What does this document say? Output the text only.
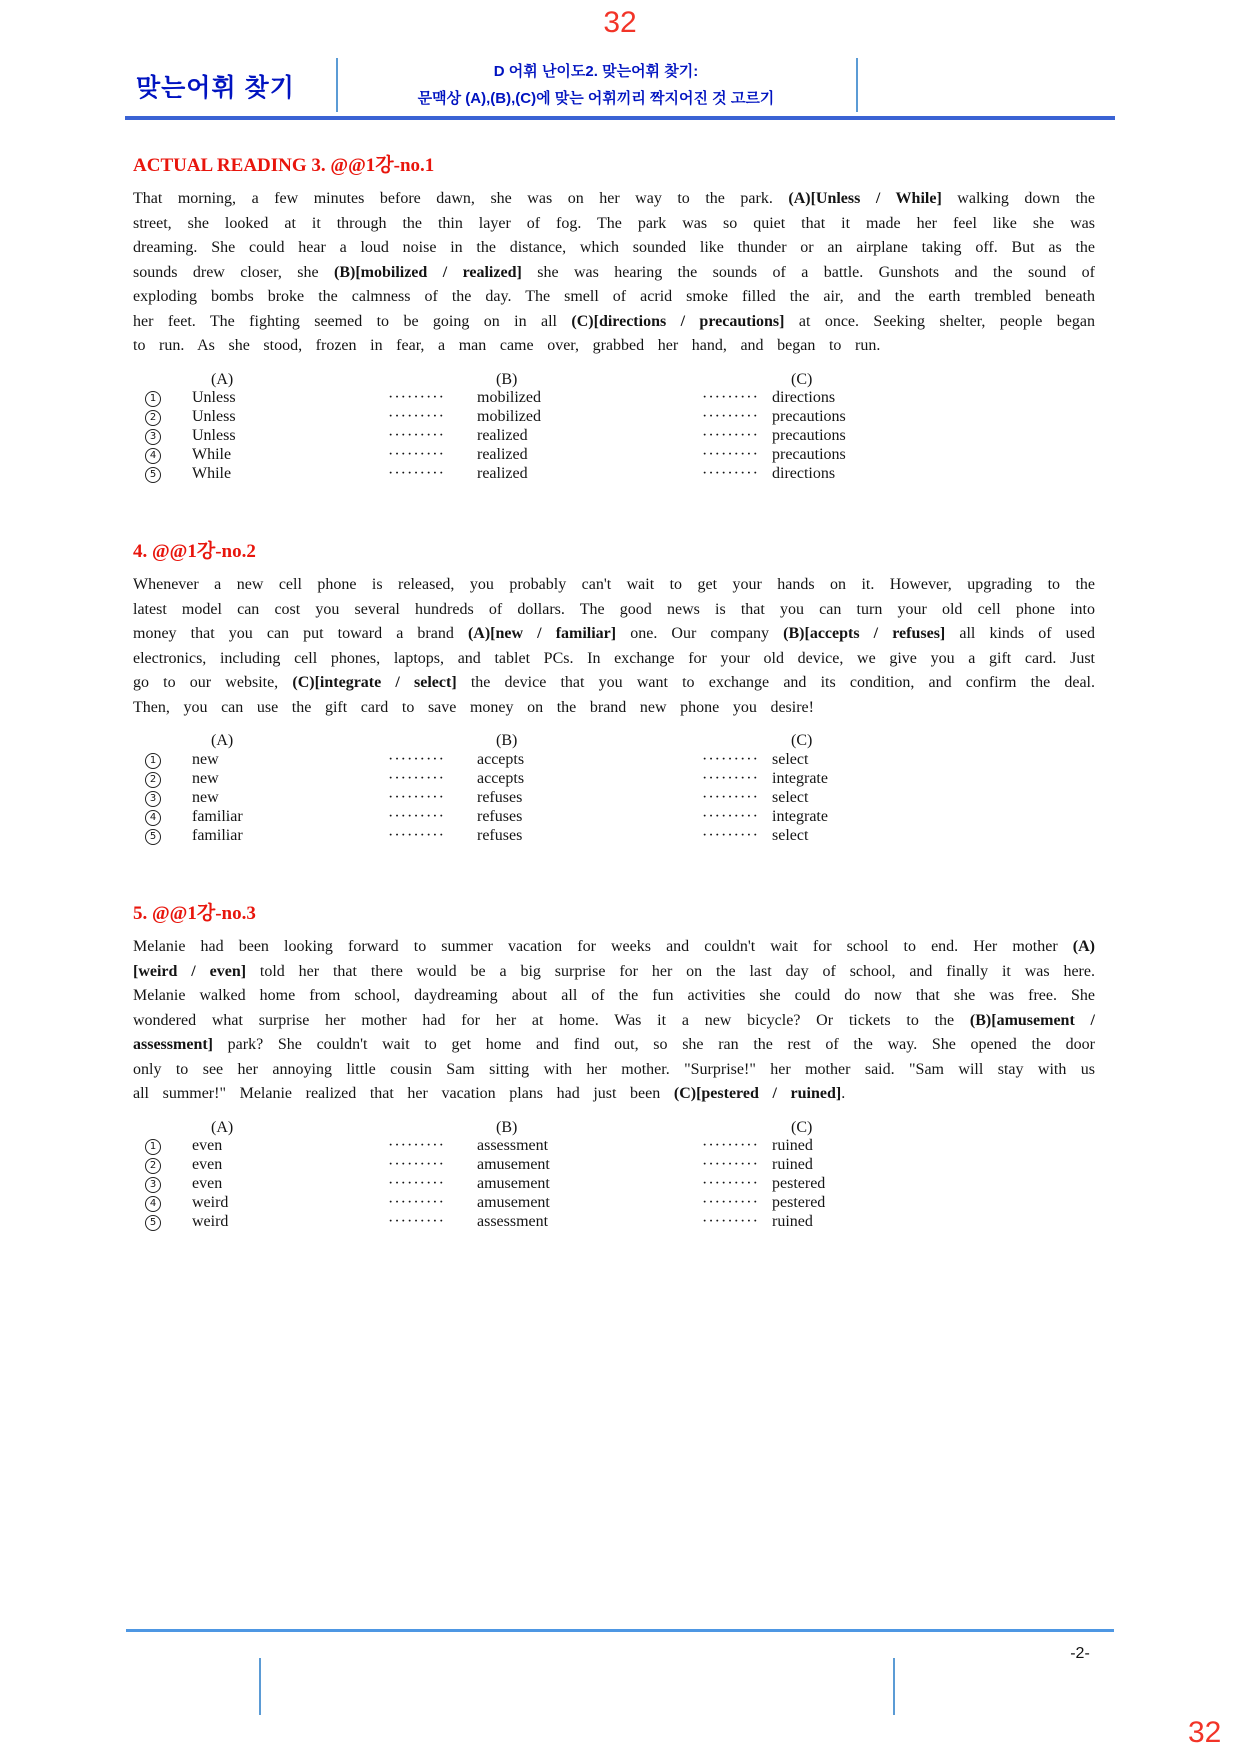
32
맞는어휘 찾기
D 어휘 난이도2. 맞는어휘 찾기:
문맥상 (A),(B),(C)에 맞는 어휘끼리 짝지어진 것 고르기
ACTUAL READING 3. @@1강-no.1

That morning, a few minutes before dawn, she was on her way to the park. (A)[Unless / While] walking down the street, she looked at it through the thin layer of fog. The park was so quiet that it made her feel like she was dreaming. She could hear a loud noise in the distance, which sounded like thunder or an airplane taking off. But as the sounds drew closer, she (B)[mobilized / realized] she was hearing the sounds of a battle. Gunshots and the sound of exploding bombs broke the calmness of the day. The smell of acrid smoke filled the air, and the earth trembled beneath her feet. The fighting seemed to be going on in all (C)[directions / precautions] at once. Seeking shelter, people began to run. As she stood, frozen in fear, a man came over, grabbed her hand, and began to run.

(A)	(B)	(C)
1	Unless	·········	mobilized	········· directions
2	Unless	·········	mobilized	········· precautions
3	Unless	·········	realized	········· precautions
4	While	·········	realized	········· precautions
5	While	·········	realized	········· directions
4. @@1강-no.2

Whenever a new cell phone is released, you probably can't wait to get your hands on it. However, upgrading to the latest model can cost you several hundreds of dollars. The good news is that you can turn your old cell phone into money that you can put toward a brand (A)[new / familiar] one. Our company (B)[accepts / refuses] all kinds of used electronics, including cell phones, laptops, and tablet PCs. In exchange for your old device, we give you a gift card. Just go to our website, (C)[integrate / select] the device that you want to exchange and its condition, and confirm the deal. Then, you can use the gift card to save money on the brand new phone you desire!

(A)	(B)	(C)
1	new	·········	accepts	········· select
2	new	·········	accepts	········· integrate
3	new	·········	refuses	········· select
4	familiar	·········	refuses	········· integrate
5	familiar	·········	refuses	········· select
5. @@1강-no.3

Melanie had been looking forward to summer vacation for weeks and couldn't wait for school to end. Her mother (A)[weird / even] told her that there would be a big surprise for her on the last day of school, and finally it was here. Melanie walked home from school, daydreaming about all of the fun activities she could do now that she was free. She wondered what surprise her mother had for her at home. Was it a new bicycle? Or tickets to the (B)[amusement / assessment] park? She couldn't wait to get home and find out, so she ran the rest of the way. She opened the door only to see her annoying little cousin Sam sitting with her mother. "Surprise!" her mother said. "Sam will stay with us all summer!" Melanie realized that her vacation plans had just been (C)[pestered / ruined].

(A)	(B)	(C)
1	even	·········	assessment	········· ruined
2	even	·········	amusement	········· ruined
3	even	·········	amusement	········· pestered
4	weird	·········	amusement	········· pestered
5	weird	·········	assessment	········· ruined
-2-
32
